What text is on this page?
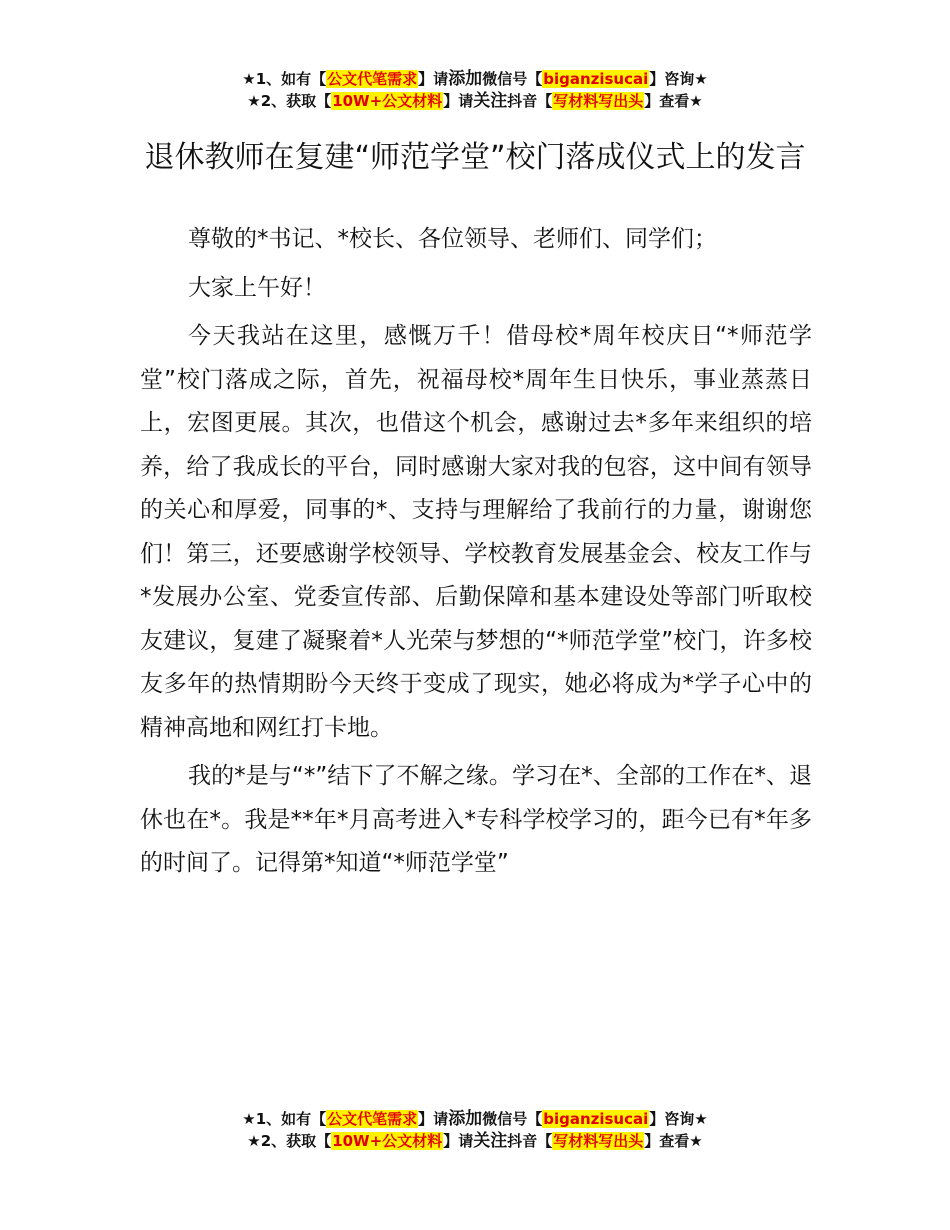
★1、如有【公文代笔需求】请添加微信号【biganzisucai】咨询★
★2、获取【10W+公文材料】请关注抖音【写材料写出头】查看★
退休教师在复建“师范学堂”校门落成仪式上的发言

尊敬的*书记、*校长、各位领导、老师们、同学们；

大家上午好！

今天我站在这里，感慨万千！借母校*周年校庆日“*师范学堂”校门落成之际，首先，祝福母校*周年生日快乐，事业蒸蒸日上，宏图更展。其次，也借这个机会，感谢过去*多年来组织的培养，给了我成长的平台，同时感谢大家对我的包容，这中间有领导的关心和厚爱，同事的*、支持与理解给了我前行的力量，谢谢您们！第三，还要感谢学校领导、学校教育发展基金会、校友工作与*发展办公室、党委宣传部、后勤保障和基本建设处等部门听取校友建议，复建了凝聚着*人光荣与梦想的“*师范学堂”校门，许多校友多年的热情期盼今天终于变成了现实，她必将成为*学子心中的精神高地和网红打卡地。

我的*是与“*”结下了不解之缘。学习在*、全部的工作在*、退休也在*。我是**年*月高考进入*专科学校学习的，距今已有*年多的时间了。记得第*知道“*师范学堂”

★1、如有【公文代笔需求】请添加微信号【biganzisucai】咨询★
★2、获取【10W+公文材料】请关注抖音【写材料写出头】查看★
